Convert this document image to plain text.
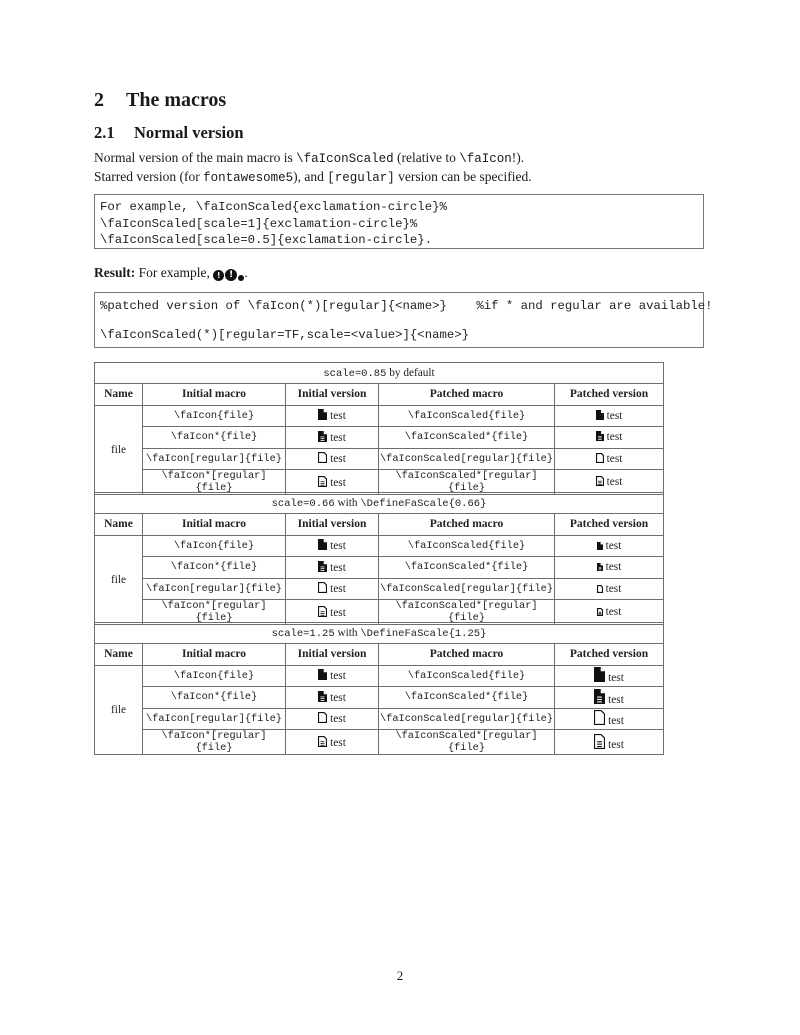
2 The macros
2.1 Normal version
Normal version of the main macro is \faIconScaled (relative to \faIcon!).
Starred version (for fontawesome5), and [regular] version can be specified.
For example, \faIconScaled{exclamation-circle}%
\faIconScaled[scale=1]{exclamation-circle}%
\faIconScaled[scale=0.5]{exclamation-circle}.
Result: For example, ! ! .
%patched version of \faIcon(*)[regular]{<name>}    %if * and regular are available!
\faIconScaled(*)[regular=TF,scale=<value>]{<name>}
scale=0.85 by default				
Name	Initial macro	Initial version	Patched macro	Patched version
file	\faIcon{file}	test	\faIconScaled{file}	test
	\faIcon*{file}	test	\faIconScaled*{file}	test
	\faIcon[regular]{file}	test	\faIconScaled[regular]{file}	test
	\faIcon*[regular]{file}	test	\faIconScaled*[regular]{file}	test
scale=0.66 with \DefineFaScale{0.66}				
Name	Initial macro	Initial version	Patched macro	Patched version
file	\faIcon{file}	test	\faIconScaled{file}	test
	\faIcon*{file}	test	\faIconScaled*{file}	test
	\faIcon[regular]{file}	test	\faIconScaled[regular]{file}	test
	\faIcon*[regular]{file}	test	\faIconScaled*[regular]{file}	test
scale=1.25 with \DefineFaScale{1.25}				
Name	Initial macro	Initial version	Patched macro	Patched version
file	\faIcon{file}	test	\faIconScaled{file}	test
	\faIcon*{file}	test	\faIconScaled*{file}	test
	\faIcon[regular]{file}	test	\faIconScaled[regular]{file}	test
	\faIcon*[regular]{file}	test	\faIconScaled*[regular]{file}	test
2
